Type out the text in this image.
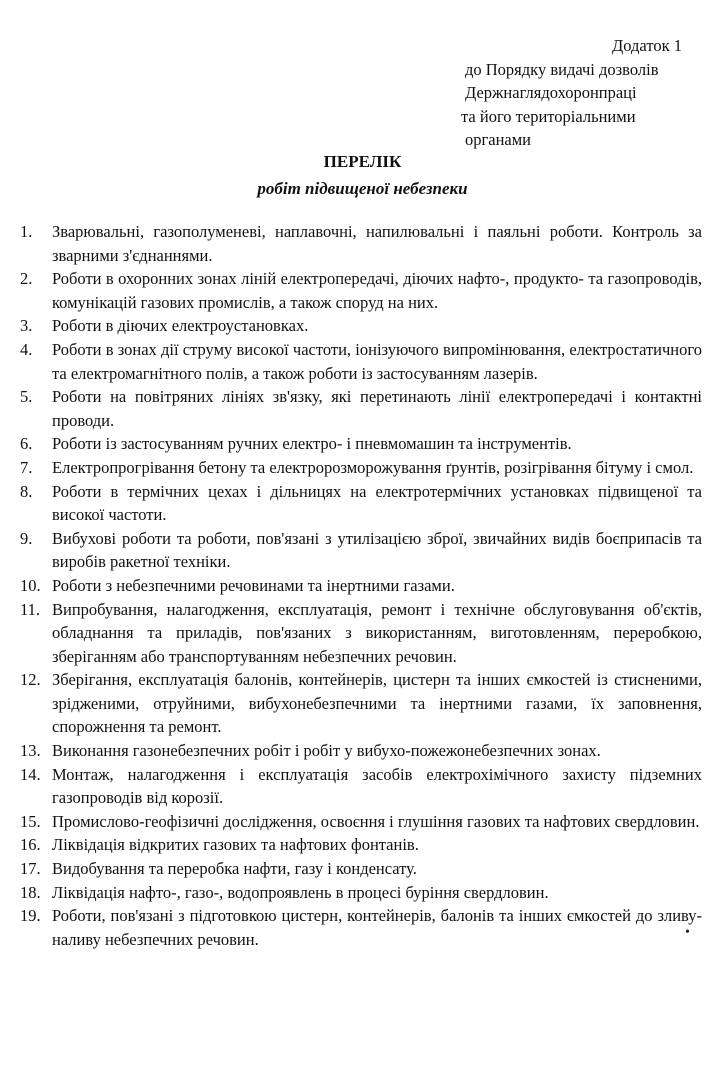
Додаток 1
до Порядку видачі дозволів
Держнаглядохоронпраці
та його територіальними
органами
ПЕРЕЛІК
робіт підвищеної небезпеки
1.	Зварювальні, газополуменеві, наплавочні, напилювальні і паяльні роботи. Контроль за зварними з'єднаннями.
2.	Роботи в охоронних зонах ліній електропередачі, діючих нафто-, продукто- та газопроводів, комунікацій газових промислів, а також споруд на них.
3.	Роботи в діючих електроустановках.
4.	Роботи в зонах дії струму високої частоти, іонізуючого випромінювання, електростатичного та електромагнітного полів, а також роботи із застосуванням лазерів.
5.	Роботи на повітряних лініях зв'язку, які перетинають лінії електропередачі і контактні проводи.
6.	Роботи із застосуванням ручних електро- і пневмомашин та інструментів.
7.	Електропрогрівання бетону та електророзморожування ґрунтів, розігрівання бітуму і смол.
8.	Роботи в термічних цехах і дільницях на електротермічних установках підвищеної та високої частоти.
9.	Вибухові роботи та роботи, пов'язані з утилізацією зброї, звичайних видів боєприпасів та виробів ракетної техніки.
10. Роботи з небезпечними речовинами та інертними газами.
11. Випробування, налагодження, експлуатація, ремонт і технічне обслуговування об'єктів, обладнання та приладів, пов'язаних з використанням, виготовленням, переробкою, зберіганням або транспортуванням небезпечних речовин.
12. Зберігання, експлуатація балонів, контейнерів, цистерн та інших ємкостей із стисненими, зрідженими, отруйними, вибухонебезпечними та інертними газами, їх заповнення, спорожнення та ремонт.
13. Виконання газонебезпечних робіт і робіт у вибухо-пожежонебезпечних зонах.
14. Монтаж, налагодження і експлуатація засобів електрохімічного захисту підземних газопроводів від корозії.
15. Промислово-геофізичні дослідження, освоєння і глушіння газових та нафтових свердловин.
16. Ліквідація відкритих газових та нафтових фонтанів.
17. Видобування та переробка нафти, газу і конденсату.
18. Ліквідація нафто-, газо-, водопроявлень в процесі буріння свердловин.
19. Роботи, пов'язані з підготовкою цистерн, контейнерів, балонів та інших ємкостей до зливу-наливу небезпечних речовин.	•
